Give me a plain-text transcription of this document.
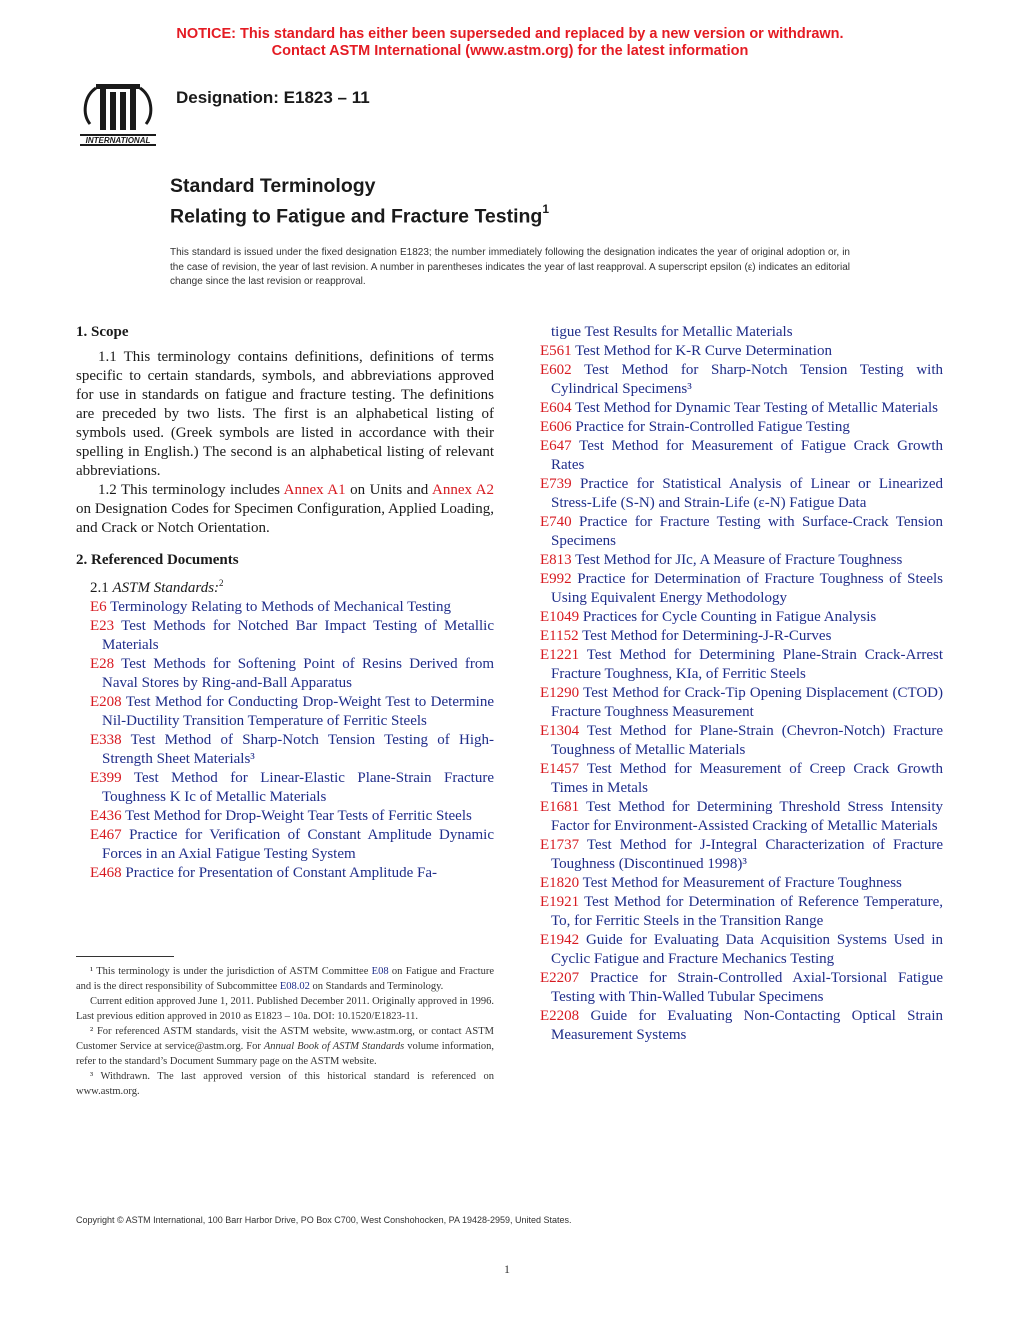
NOTICE: This standard has either been superseded and replaced by a new version or withdrawn.
Contact ASTM International (www.astm.org) for the latest information
INTERNATIONAL
Designation: E1823 – 11
Standard Terminology
Relating to Fatigue and Fracture Testing$^1$
This standard is issued under the fixed designation E1823; the number immediately following the designation indicates the year of original adoption or, in the case of revision, the year of last revision. A number in parentheses indicates the year of last reapproval. A superscript epsilon (ε) indicates an editorial change since the last revision or reapproval.
1. Scope

1.1 This terminology contains definitions, definitions of terms specific to certain standards, symbols, and abbreviations approved for use in standards on fatigue and fracture testing. The definitions are preceded by two lists. The first is an alphabetical listing of symbols used. (Greek symbols are listed in accordance with their spelling in English.) The second is an alphabetical listing of relevant abbreviations.

1.2 This terminology includes Annex A1 on Units and Annex A2 on Designation Codes for Specimen Configuration, Applied Loading, and Crack or Notch Orientation.

2. Referenced Documents

2.1 ASTM Standards:$^2$

E6 Terminology Relating to Methods of Mechanical Testing
E23 Test Methods for Notched Bar Impact Testing of Metallic Materials
E28 Test Methods for Softening Point of Resins Derived from Naval Stores by Ring-and-Ball Apparatus
E208 Test Method for Conducting Drop-Weight Test to Determine Nil-Ductility Transition Temperature of Ferritic Steels
E338 Test Method of Sharp-Notch Tension Testing of High-Strength Sheet Materials³
E399 Test Method for Linear-Elastic Plane-Strain Fracture Toughness K Ic of Metallic Materials
E436 Test Method for Drop-Weight Tear Tests of Ferritic Steels
E467 Practice for Verification of Constant Amplitude Dynamic Forces in an Axial Fatigue Testing System
E468 Practice for Presentation of Constant Amplitude Fa-
tigue Test Results for Metallic Materials
E561 Test Method for K-R Curve Determination
E602 Test Method for Sharp-Notch Tension Testing with Cylindrical Specimens³
E604 Test Method for Dynamic Tear Testing of Metallic Materials
E606 Practice for Strain-Controlled Fatigue Testing
E647 Test Method for Measurement of Fatigue Crack Growth Rates
E739 Practice for Statistical Analysis of Linear or Linearized Stress-Life (S-N) and Strain-Life (ε-N) Fatigue Data
E740 Practice for Fracture Testing with Surface-Crack Tension Specimens
E813 Test Method for JIc, A Measure of Fracture Toughness
E992 Practice for Determination of Fracture Toughness of Steels Using Equivalent Energy Methodology
E1049 Practices for Cycle Counting in Fatigue Analysis
E1152 Test Method for Determining-J-R-Curves
E1221 Test Method for Determining Plane-Strain Crack-Arrest Fracture Toughness, KIa, of Ferritic Steels
E1290 Test Method for Crack-Tip Opening Displacement (CTOD) Fracture Toughness Measurement
E1304 Test Method for Plane-Strain (Chevron-Notch) Fracture Toughness of Metallic Materials
E1457 Test Method for Measurement of Creep Crack Growth Times in Metals
E1681 Test Method for Determining Threshold Stress Intensity Factor for Environment-Assisted Cracking of Metallic Materials
E1737 Test Method for J-Integral Characterization of Fracture Toughness (Discontinued 1998)³
E1820 Test Method for Measurement of Fracture Toughness
E1921 Test Method for Determination of Reference Temperature, To, for Ferritic Steels in the Transition Range
E1942 Guide for Evaluating Data Acquisition Systems Used in Cyclic Fatigue and Fracture Mechanics Testing
E2207 Practice for Strain-Controlled Axial-Torsional Fatigue Testing with Thin-Walled Tubular Specimens
E2208 Guide for Evaluating Non-Contacting Optical Strain Measurement Systems

¹ This terminology is under the jurisdiction of ASTM Committee E08 on Fatigue and Fracture and is the direct responsibility of Subcommittee E08.02 on Standards and Terminology.

Current edition approved June 1, 2011. Published December 2011. Originally approved in 1996. Last previous edition approved in 2010 as E1823 – 10a. DOI: 10.1520/E1823-11.

² For referenced ASTM standards, visit the ASTM website, www.astm.org, or contact ASTM Customer Service at service@astm.org. For Annual Book of ASTM Standards volume information, refer to the standard’s Document Summary page on the ASTM website.

³ Withdrawn. The last approved version of this historical standard is referenced on www.astm.org.

Copyright © ASTM International, 100 Barr Harbor Drive, PO Box C700, West Conshohocken, PA 19428-2959, United States.
1
